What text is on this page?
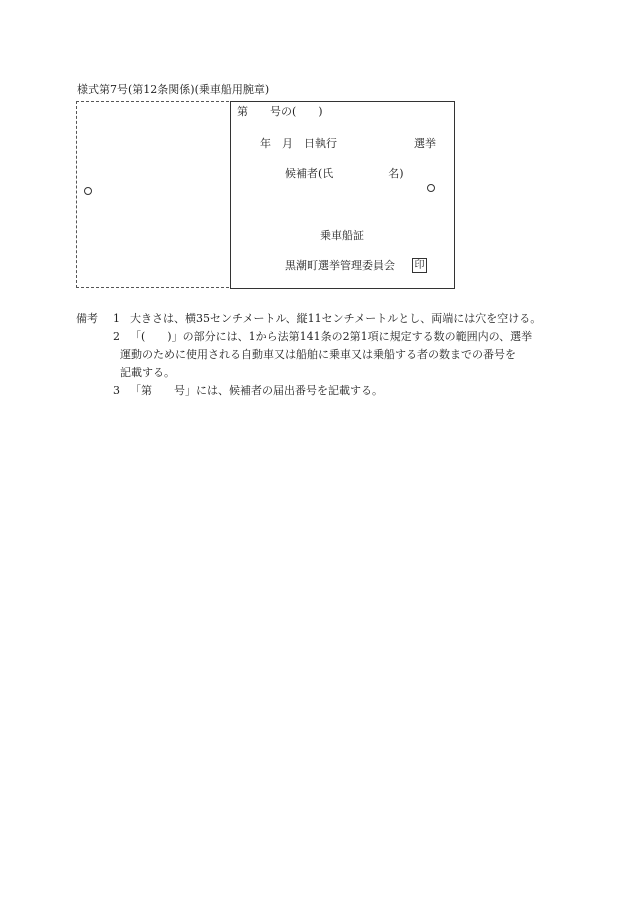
様式第7号(第12条関係)(乗車船用腕章)
第　　号の(　　)
年　月　日執行	選挙
候補者(氏　　　　　名)
乗車船証
黒潮町選挙管理委員会 印
備考 1 大きさは、横35センチメートル、縦11センチメートルとし、両端には穴を空ける。
2 「(　　)」の部分には、1から法第141条の2第1項に規定する数の範囲内の、選挙
運動のために使用される自動車又は船舶に乗車又は乗船する者の数までの番号を
記載する。
3 「第　　号」には、候補者の届出番号を記載する。
